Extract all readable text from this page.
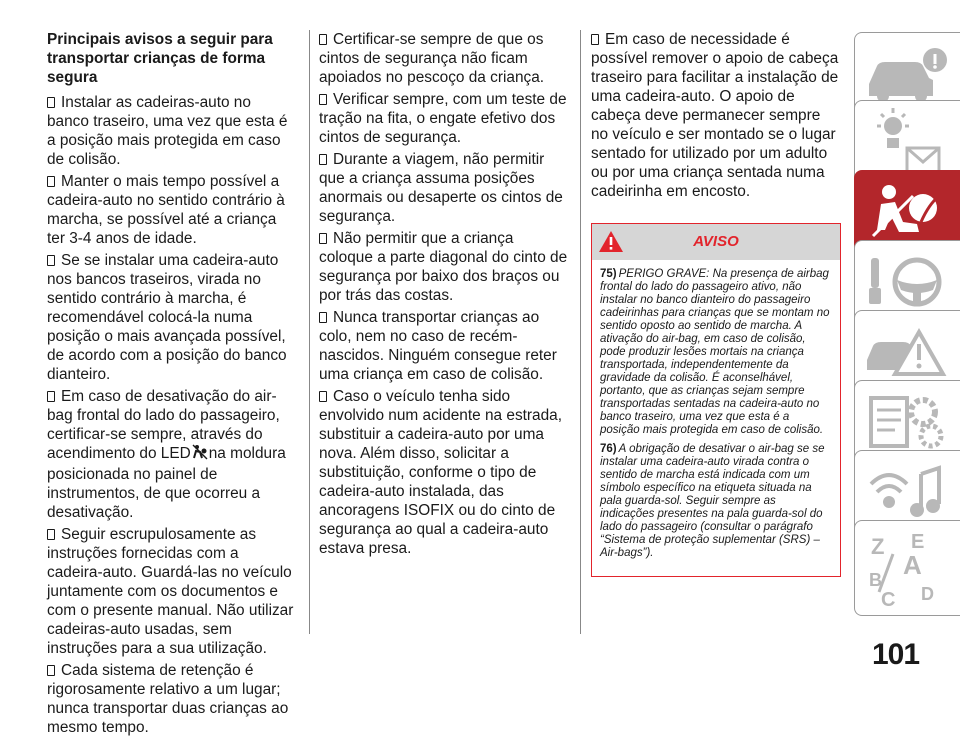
Principais avisos a seguir para transportar crianças de forma segura

Instalar as cadeiras-auto no banco traseiro, uma vez que esta é a posição mais protegida em caso de colisão.

Manter o mais tempo possível a cadeira-auto no sentido contrário à marcha, se possível até a criança ter 3-4 anos de idade.

Se se instalar uma cadeira-auto nos bancos traseiros, virada no sentido contrário à marcha, é recomendável colocá-la numa posição o mais avançada possível, de acordo com a posição do banco dianteiro.

Em caso de desativação do air-bag frontal do lado do passageiro, certificar-se sempre, através do acendimento do LED na moldura posicionada no painel de instrumentos, de que ocorreu a desativação.

Seguir escrupulosamente as instruções fornecidas com a cadeira-auto. Guardá-las no veículo juntamente com os documentos e com o presente manual. Não utilizar cadeiras-auto usadas, sem instruções para a sua utilização.

Cada sistema de retenção é rigorosamente relativo a um lugar; nunca transportar duas crianças ao mesmo tempo.

Certificar-se sempre de que os cintos de segurança não ficam apoiados no pescoço da criança.

Verificar sempre, com um teste de tração na fita, o engate efetivo dos cintos de segurança.

Durante a viagem, não permitir que a criança assuma posições anormais ou desaperte os cintos de segurança.

Não permitir que a criança coloque a parte diagonal do cinto de segurança por baixo dos braços ou por trás das costas.

Nunca transportar crianças ao colo, nem no caso de recém-nascidos. Ninguém consegue reter uma criança em caso de colisão.

Caso o veículo tenha sido envolvido num acidente na estrada, substituir a cadeira-auto por uma nova. Além disso, solicitar a substituição, conforme o tipo de cadeira-auto instalada, das ancoragens ISOFIX ou do cinto de segurança ao qual a cadeira-auto estava presa.

Em caso de necessidade é possível remover o apoio de cabeça traseiro para facilitar a instalação de uma cadeira-auto. O apoio de cabeça deve permanecer sempre no veículo e ser montado se o lugar sentado for utilizado por um adulto ou por uma criança sentada numa cadeirinha em encosto.

AVISO

75) PERIGO GRAVE: Na presença de airbag frontal do lado do passageiro ativo, não instalar no banco dianteiro do passageiro cadeirinhas para crianças que se montam no sentido oposto ao sentido de marcha. A ativação do air-bag, em caso de colisão, pode produzir lesões mortais na criança transportada, independentemente da gravidade da colisão. É aconselhável, portanto, que as crianças sejam sempre transportadas sentadas na cadeira-auto no banco traseiro, uma vez que esta é a posição mais protegida em caso de colisão.

76) A obrigação de desativar o air-bag se se instalar uma cadeira-auto virada contra o sentido de marcha está indicada com um símbolo específico na etiqueta situada na pala guarda-sol. Seguir sempre as indicações presentes na pala guarda-sol do lado do passageiro (consultar o parágrafo “Sistema de proteção suplementar (SRS) – Air-bags”).	Z E
A
B
C D
101
